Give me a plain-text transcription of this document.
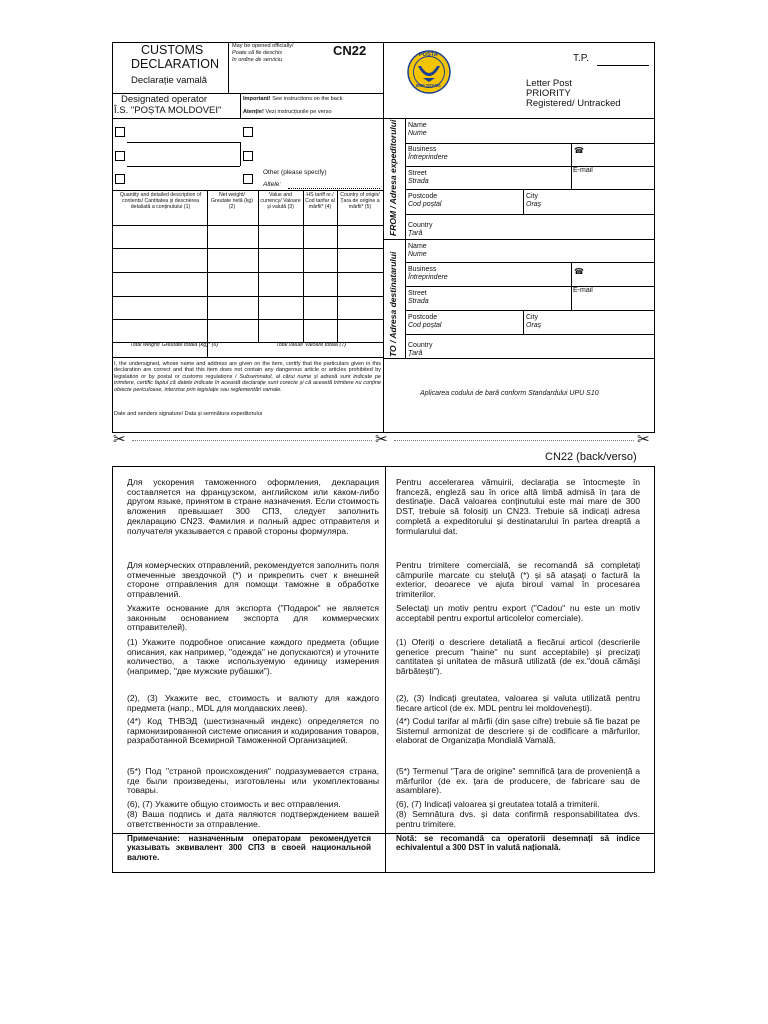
CUSTOMS
DECLARATION
Declarație vamală
May be opened officially/
Poate să fie deschis
în ordine de serviciu
CN22
Designated operator
Î.S. "POȘTA MOLDOVEI"
Important! See instructions on the back
Atenție! Vezi instrucțiunile pe verso
POȘTA
MOLDOVEI
T.P.
Letter Post
PRIORITY
Registered/ Untracked
Other (please specify)
Altele:
Quantity and detailed description of contents/ Cantitatea și descrierea detaliată a conținutului (1)
Net weight/ Greutate netă (kg) (2)
Value and currency/ Valoare și valută (3)
HS tariff nr./ Cod tarifar al mărfii* (4)
Country of origin/ Țara de origine a mărfii* (5)
Total weight/ Greutate totală (kg)* (6)	Total value/ Valoare totală (7)
I, the undersigned, whose name and address are given on the item, certify that the particulars given in this declaration are correct and that this item does not contain any dangerous article or articles prohibited by legislation or by postal or customs regulations / Subsemnatul, al cărui nume și adresă sunt indicate pe trimitere, certific faptul că datele indicate în această declarație sunt corecte și că această trimitere nu conține obiecte periculoase, interzise prin legislație sau reglementări vamale.
Date and senders signature/ Data și semnătura expeditorului
FROM / Adresa expeditorului
TO / Adresa destinatarului
Name
Nume
Business
Întreprindere
☎
Street
Strada
E-mail
Postcode
Cod poștal
City
Oraș
Country
Țară
Name
Nume
Business
Întreprindere
☎
Street
Strada
E-mail
Postcode
Cod poștal
City
Oraș
Country
Țară
Aplicarea codului de bară conform Standardului UPU S10
✂	✂	✂
CN22 (back/verso)
Для ускорения таможенного оформления, декларация составляется на французском, английском или каком-либо другом языке, принятом в стране назначения. Если стоимость вложения превышает 300 СПЗ, следует заполнить декларацию CN23. Фамилия и полный адрес отправителя и получателя указывается с правой стороны формуляра.
Для комерческих отправлений, рекомендуется заполнить поля отмеченные звездочкой (*) и прикрепить счет к внешней стороне отправления для помощи таможне в обработке отправлений.
Укажите основание для экспорта ("Подарок" не является законным основанием экспорта для коммерческих отправителей).
(1) Укажите подробное описание каждого предмета (общие описания, как например, "одежда" не допускаются) и уточните количество, а также используемую единицу измерения (например, "две мужские рубашки").
(2), (3) Укажите вес, стоимость и валюту для каждого предмета (напр., MDL для молдавских леев).
(4*) Код ТНВЭД (шестизначный индекс) определяется по гармонизированной системе описания и кодирования товаров, разработанной Всемирной Таможенной Организацией.
(5*) Под "страной происхождения" подразумевается страна, где были произведены, изготовлены или укомплектованы товары.
(6), (7) Укажите общую стоимость и вес отправления.
(8) Ваша подпись и дата являются подтверждением вашей ответственности за отправление.
Примечание: назначенным операторам рекомендуется указывать эквивалент 300 СПЗ в своей национальной валюте.
Pentru accelerarea vămuirii, declarația se întocmește în franceză, engleză sau în orice altă limbă admisă în țara de destinație. Dacă valoarea conținutului este mai mare de 300 DST, trebuie să folosiți un CN23. Trebuie să indicați adresa completă a expeditorului și destinatarului în partea dreaptă a formularului dat.
Pentru trimitere comercială, se recomandă să completați câmpurile marcate cu steluță (*) și să atașați o factură la exterior, deoarece ve ajuta biroul vamal în procesarea trimiterilor.
Selectați un motiv pentru export ("Cadou" nu este un motiv acceptabil pentru exportul articolelor comerciale).
(1) Oferiți o descriere detaliată a fiecărui articol (descrierile generice precum "haine" nu sunt acceptabile) și precizați cantitatea și unitatea de măsură utilizată (de ex."două cămăși bărbătești").
(2), (3) Indicați greutatea, valoarea și valuta utilizată pentru fiecare articol (de ex. MDL pentru lei moldovenești).
(4*) Codul tarifar al mărfii (din șase cifre) trebuie să fie bazat pe Sistemul armonizat de descriere și de codificare a mărfurilor, elaborat de Organizația Mondială Vamală.
(5*) Termenul "Țara de origine" semnifică țara de proveniență a mărfurilor (de ex. țara de producere, de fabricare sau de asamblare).
(6), (7) Indicați valoarea și greutatea totală a trimiterii.
(8) Semnătura dvs. și data confirmă responsabilitatea dvs. pentru trimitere.
Notă: se recomandă ca operatorii desemnați să indice echivalentul a 300 DST în valută națională.
